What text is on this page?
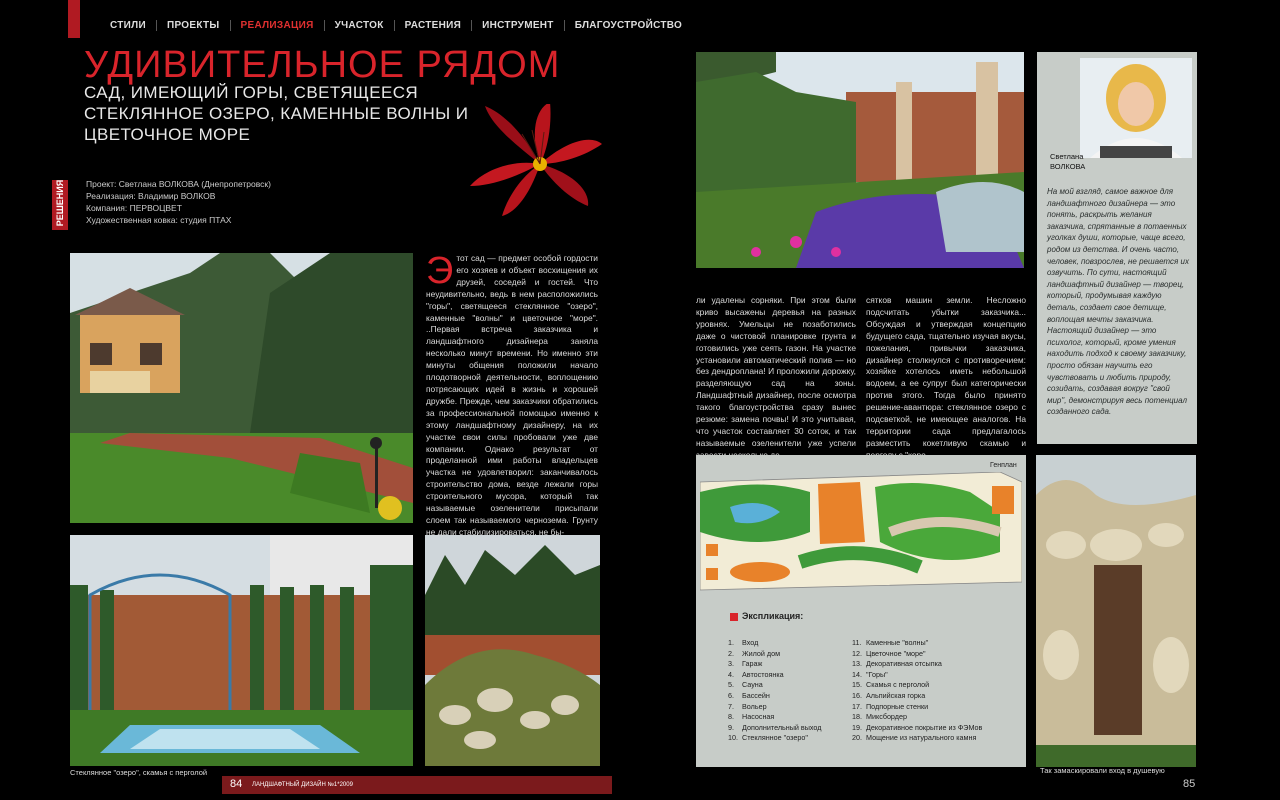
СТИЛИ	ПРОЕКТЫ	РЕАЛИЗАЦИЯ	УЧАСТОК	РАСТЕНИЯ	ИНСТРУМЕНТ	БЛАГОУСТРОЙСТВО
УДИВИТЕЛЬНОЕ РЯДОМ
САД, ИМЕЮЩИЙ ГОРЫ, СВЕТЯЩЕЕСЯ СТЕКЛЯННОЕ ОЗЕРО, КАМЕННЫЕ ВОЛНЫ И ЦВЕТОЧНОЕ МОРЕ
РЕШЕНИЯ Проект: Светлана ВОЛКОВА (Днепропетровск)
Реализация: Владимир ВОЛКОВ
Компания: ПЕРВОЦВЕТ
Художественная ковка: студия ПТАХ
Э тот сад — предмет особой гордости его хозяев и объект восхищения их друзей, соседей и гостей. Что неудивительно, ведь в нем расположились "горы", светящееся стеклянное "озеро", каменные "волны" и цветочное "море". ..Первая встреча заказчика и ландшафтного дизайнера заняла несколько минут времени. Но именно эти минуты общения положили начало плодотворной деятельности, воплощению потрясающих идей в жизнь и хорошей дружбе. Прежде, чем заказчики обратились за профессиональной помощью именно к этому ландшафтному дизайнеру, на их участке свои силы пробовали уже две компании. Однако результат от проделанной ими работы владельцев участка не удовлетворил: заканчивалось строительство дома, везде лежали горы строительного мусора, который так называемые озеленители присыпали слоем так называемого чернозема. Грунту не дали стабилизироваться, не бы-
ли удалены сорняки. При этом были криво высажены деревья на разных уровнях. Умельцы не позаботились даже о чистовой планировке грунта и готовились уже сеять газон. На участке установили автоматический полив — но без дендроплана! И проложили дорожку, разделяющую сад на зоны. Ландшафтный дизайнер, после осмотра такого благоустройства сразу вынес резюме: замена почвы! И это учитывая, что участок составляет 30 соток, и так называемые озеленители уже успели
сятков машин земли. Несложно подсчитать убытки заказчика... Обсуждая и утверждая концепцию будущего сада, тщательно изучая вкусы, пожелания, привычки заказчика, дизайнер столкнулся с противоречием: хозяйке хотелось иметь небольшой водоем, а ее супруг был категорически против этого. Тогда было принято решение-авантюра: стеклянное озеро с подсветкой, не имеющее аналогов. На территории сада предлагалось разместить кокетливую скамью и
Светлана
ВОЛКОВА
На мой взгляд, самое важное для ландшафтного дизайнера — это понять, раскрыть желания заказчика, спрятанные в потаенных уголках души, которые, чаще всего, родом из детства. И очень часто, человек, повзрослев, не решается их озвучить. По сути, настоящий ландшафтный дизайнер — творец, который, продумывая каждую деталь, создает свое детище, воплощая мечты заказчика. Настоящий дизайнер — это психолог, который, кроме умения находить подход к своему заказчику, просто обязан научить его чувствовать и любить природу, созидать, создавая вокруг "свой мир", демонстрируя весь потенциал созданного сада.
Генплан
Экспликация:
1. Вход
2. Жилой дом
3. Гараж
4. Автостоянка
5. Сауна
6. Бассейн
7. Вольер
8. Насосная
9. Дополнительный выход
10. Стеклянное "озеро"
11. Каменные "волны"
12. Цветочное "море"
13. Декоративная отсыпка
14. "Горы"
15. Скамья с перголой
16. Альпийская горка
17. Подпорные стенки
18. Миксбордер
19. Декоративное покрытие из ФЭМов
20. Мощение из натурального камня
Стеклянное "озеро", скамья с перголой	Так замаскировали вход в душевую
84 ЛАНДШАФТНЫЙ ДИЗАЙН №1*2009	85
